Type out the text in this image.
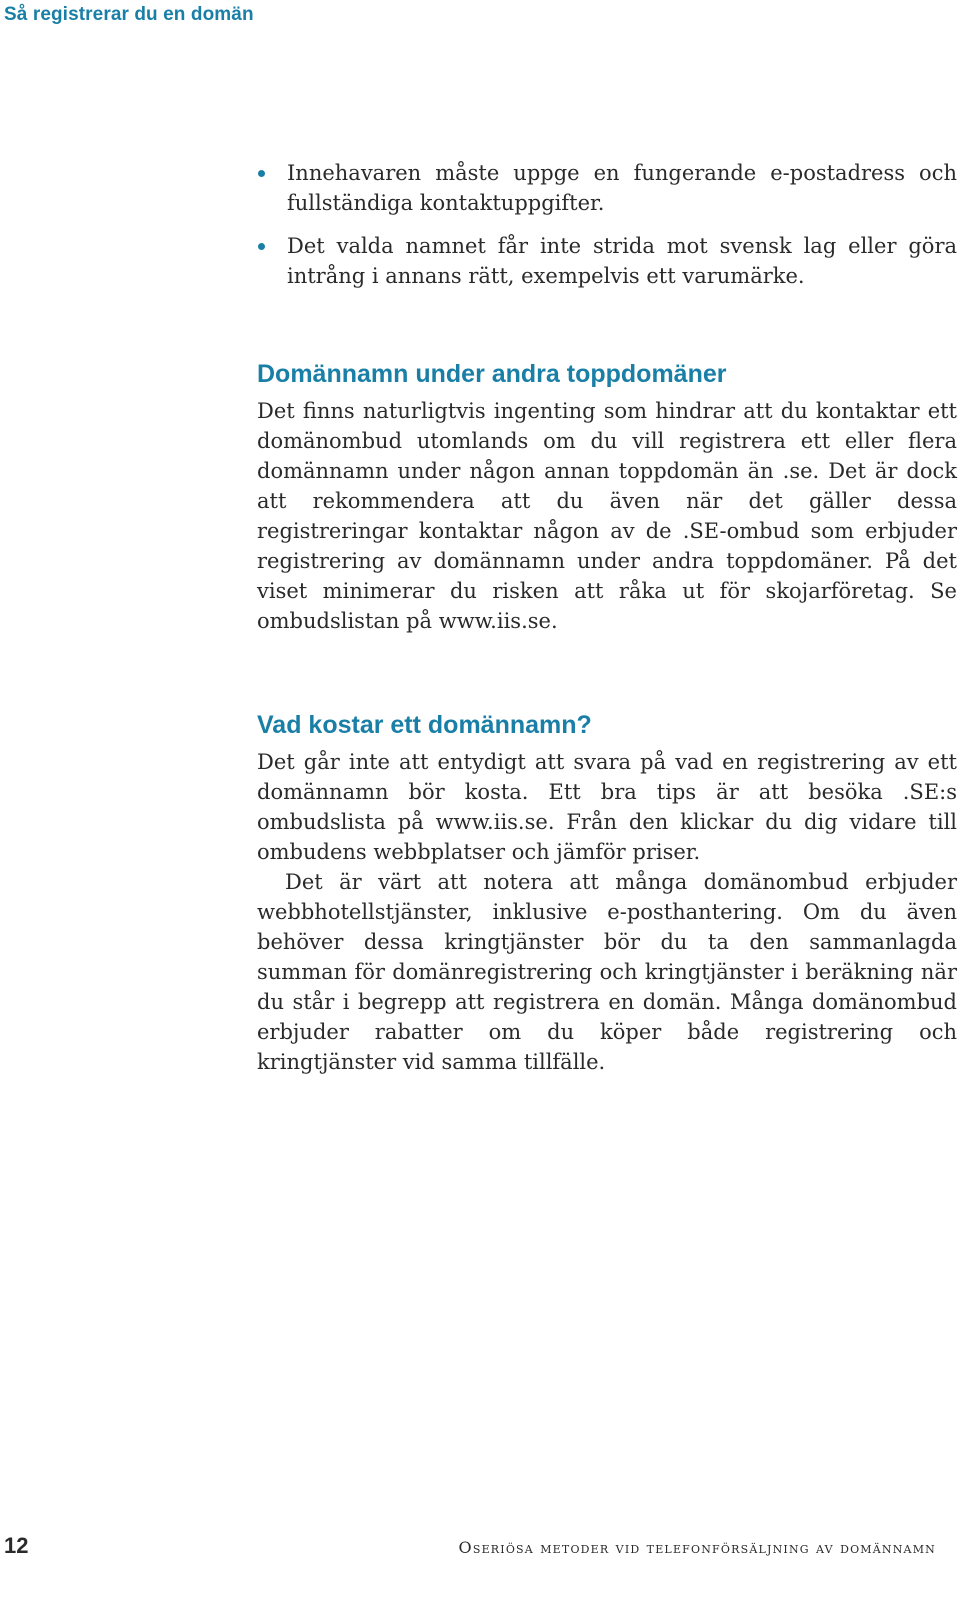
Så registrerar du en domän
Innehavaren måste uppge en fungerande e-postadress och fullständiga kontaktuppgifter.
Det valda namnet får inte strida mot svensk lag eller göra intrång i annans rätt, exempelvis ett varumärke.
Domännamn under andra toppdomäner

Det finns naturligtvis ingenting som hindrar att du kontaktar ett domänombud utomlands om du vill registrera ett eller flera domännamn under någon annan toppdomän än .se. Det är dock att rekommendera att du även när det gäller dessa registreringar kontaktar någon av de .SE-ombud som erbjuder registrering av domännamn under andra toppdomäner. På det viset minimerar du risken att råka ut för skojarföretag. Se ombudslistan på www.iis.se.

Vad kostar ett domännamn?

Det går inte att entydigt att svara på vad en registrering av ett domännamn bör kosta. Ett bra tips är att besöka .SE:s ombudslista på www.iis.se. Från den klickar du dig vidare till ombudens webbplatser och jämför priser.

Det är värt att notera att många domänombud erbjuder webbhotellstjänster, inklusive e-posthantering. Om du även behöver dessa kringtjänster bör du ta den sammanlagda summan för domänregistrering och kringtjänster i beräkning när du står i begrepp att registrera en domän. Många domänombud erbjuder rabatter om du köper både registrering och kringtjänster vid samma tillfälle.

12	Oseriösa metoder vid telefonförsäljning av domännamn
